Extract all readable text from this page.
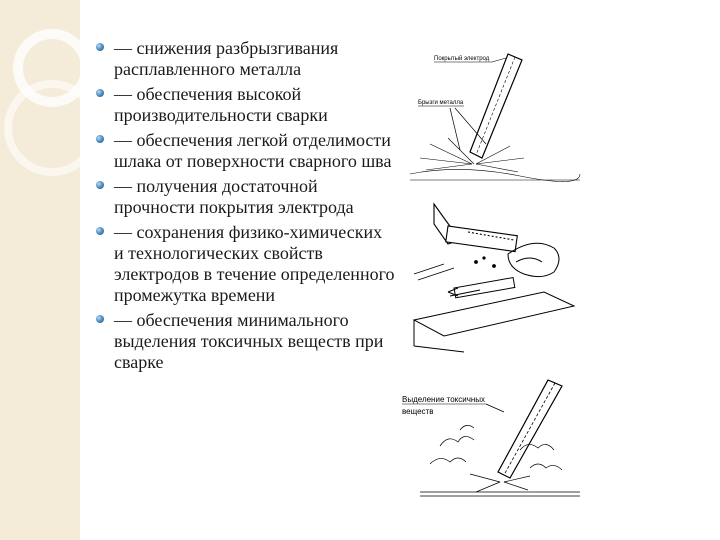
— снижения разбрызгивания расплавленного металла
— обеспечения высокой производительности сварки
— обеспечения легкой отделимости шлака от поверхности сварного шва
— получения достаточной прочности покрытия электрода
— сохранения физико-химических и технологических свойств электродов в течение определенного промежутка времени
— обеспечения минимального выделения токсичных веществ при сварке
Покрытый электрод
Брызги металла
Выделение токсичных
веществ
